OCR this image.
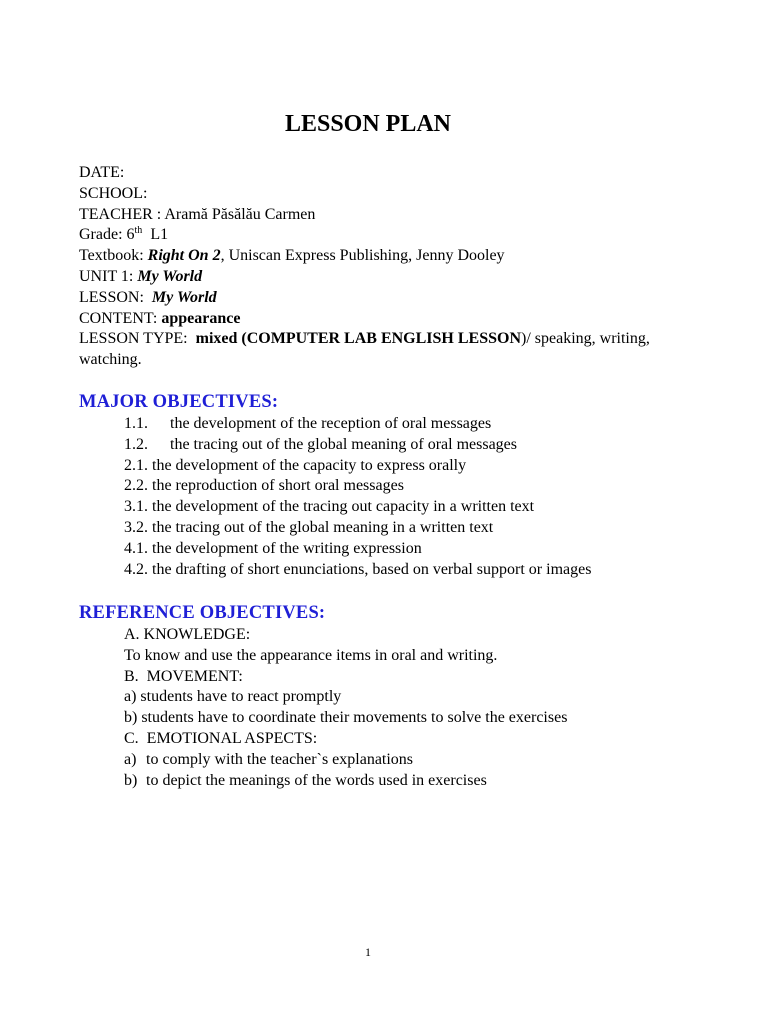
LESSON PLAN
DATE:
SCHOOL:
TEACHER : Aramă Păsălău Carmen
Grade: 6th  L1
Textbook: Right On 2, Uniscan Express Publishing, Jenny Dooley
UNIT 1: My World
LESSON:  My World
CONTENT: appearance
LESSON TYPE:  mixed (COMPUTER LAB ENGLISH LESSON)/ speaking, writing, watching.
MAJOR OBJECTIVES:
1.1. the development of the reception of oral messages
1.2. the tracing out of the global meaning of oral messages
2.1. the development of the capacity to express orally
2.2. the reproduction of short oral messages
3.1. the development of the tracing out capacity in a written text
3.2. the tracing out of the global meaning in a written text
4.1. the development of the writing expression
4.2. the drafting of short enunciations, based on verbal support or images
REFERENCE OBJECTIVES:
A. KNOWLEDGE:
To know and use the appearance items in oral and writing.
B.  MOVEMENT:
a) students have to react promptly
b) students have to coordinate their movements to solve the exercises
C.  EMOTIONAL ASPECTS:
a) to comply with the teacher`s explanations
b) to depict the meanings of the words used in exercises
1
